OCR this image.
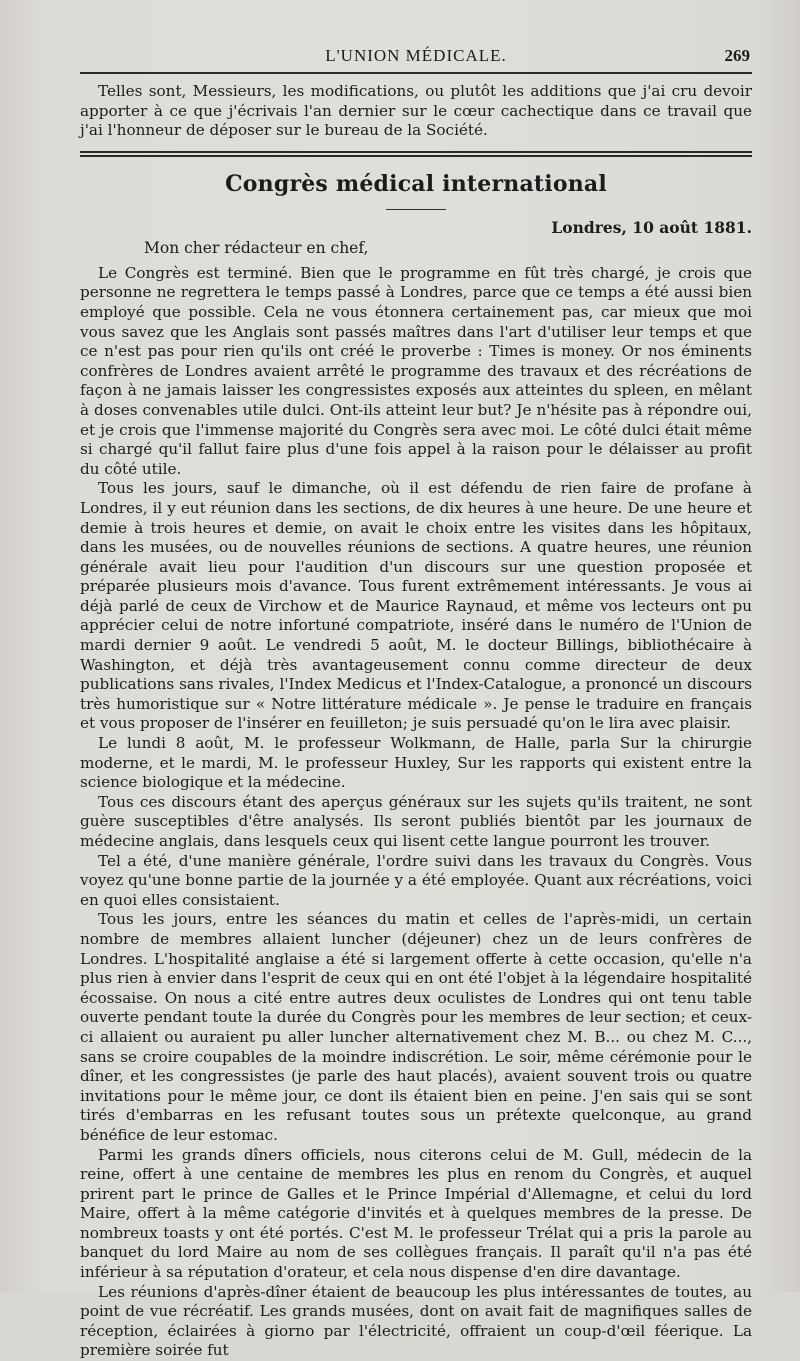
L'UNION MÉDICALE.	269

Telles sont, Messieurs, les modifications, ou plutôt les additions que j'ai cru devoir apporter à ce que j'écrivais l'an dernier sur le cœur cachectique dans ce travail que j'ai l'honneur de déposer sur le bureau de la Société.

Congrès médical international
Londres, 10 août 1881.
Mon cher rédacteur en chef,

Le Congrès est terminé. Bien que le programme en fût très chargé, je crois que personne ne regrettera le temps passé à Londres, parce que ce temps a été aussi bien employé que possible. Cela ne vous étonnera certainement pas, car mieux que moi vous savez que les Anglais sont passés maîtres dans l'art d'utiliser leur temps et que ce n'est pas pour rien qu'ils ont créé le proverbe : Times is money. Or nos éminents confrères de Londres avaient arrêté le programme des travaux et des récréations de façon à ne jamais laisser les congressistes exposés aux atteintes du spleen, en mêlant à doses convenables utile dulci. Ont-ils atteint leur but? Je n'hésite pas à répondre oui, et je crois que l'immense majorité du Congrès sera avec moi. Le côté dulci était même si chargé qu'il fallut faire plus d'une fois appel à la raison pour le délaisser au profit du côté utile.

Tous les jours, sauf le dimanche, où il est défendu de rien faire de profane à Londres, il y eut réunion dans les sections, de dix heures à une heure. De une heure et demie à trois heures et demie, on avait le choix entre les visites dans les hôpitaux, dans les musées, ou de nouvelles réunions de sections. A quatre heures, une réunion générale avait lieu pour l'audition d'un discours sur une question proposée et préparée plusieurs mois d'avance. Tous furent extrêmement intéressants. Je vous ai déjà parlé de ceux de Virchow et de Maurice Raynaud, et même vos lecteurs ont pu apprécier celui de notre infortuné compatriote, inséré dans le numéro de l'Union de mardi dernier 9 août. Le vendredi 5 août, M. le docteur Billings, bibliothécaire à Washington, et déjà très avantageusement connu comme directeur de deux publications sans rivales, l'Index Medicus et l'Index-Catalogue, a prononcé un discours très humoristique sur « Notre littérature médicale ». Je pense le traduire en français et vous proposer de l'insérer en feuilleton; je suis persuadé qu'on le lira avec plaisir.

Le lundi 8 août, M. le professeur Wolkmann, de Halle, parla Sur la chirurgie moderne, et le mardi, M. le professeur Huxley, Sur les rapports qui existent entre la science biologique et la médecine.

Tous ces discours étant des aperçus généraux sur les sujets qu'ils traitent, ne sont guère susceptibles d'être analysés. Ils seront publiés bientôt par les journaux de médecine anglais, dans lesquels ceux qui lisent cette langue pourront les trouver.

Tel a été, d'une manière générale, l'ordre suivi dans les travaux du Congrès. Vous voyez qu'une bonne partie de la journée y a été employée. Quant aux récréations, voici en quoi elles consistaient.

Tous les jours, entre les séances du matin et celles de l'après-midi, un certain nombre de membres allaient luncher (déjeuner) chez un de leurs confrères de Londres. L'hospitalité anglaise a été si largement offerte à cette occasion, qu'elle n'a plus rien à envier dans l'esprit de ceux qui en ont été l'objet à la légendaire hospitalité écossaise. On nous a cité entre autres deux oculistes de Londres qui ont tenu table ouverte pendant toute la durée du Congrès pour les membres de leur section; et ceux-ci allaient ou auraient pu aller luncher alternativement chez M. B... ou chez M. C..., sans se croire coupables de la moindre indiscrétion. Le soir, même cérémonie pour le dîner, et les congressistes (je parle des haut placés), avaient souvent trois ou quatre invitations pour le même jour, ce dont ils étaient bien en peine. J'en sais qui se sont tirés d'embarras en les refusant toutes sous un prétexte quelconque, au grand bénéfice de leur estomac.

Parmi les grands dîners officiels, nous citerons celui de M. Gull, médecin de la reine, offert à une centaine de membres les plus en renom du Congrès, et auquel prirent part le prince de Galles et le Prince Impérial d'Allemagne, et celui du lord Maire, offert à la même catégorie d'invités et à quelques membres de la presse. De nombreux toasts y ont été portés. C'est M. le professeur Trélat qui a pris la parole au banquet du lord Maire au nom de ses collègues français. Il paraît qu'il n'a pas été inférieur à sa réputation d'orateur, et cela nous dispense d'en dire davantage.

Les réunions d'après-dîner étaient de beaucoup les plus intéressantes de toutes, au point de vue récréatif. Les grands musées, dont on avait fait de magnifiques salles de réception, éclairées à giorno par l'électricité, offraient un coup-d'œil féerique. La première soirée fut
